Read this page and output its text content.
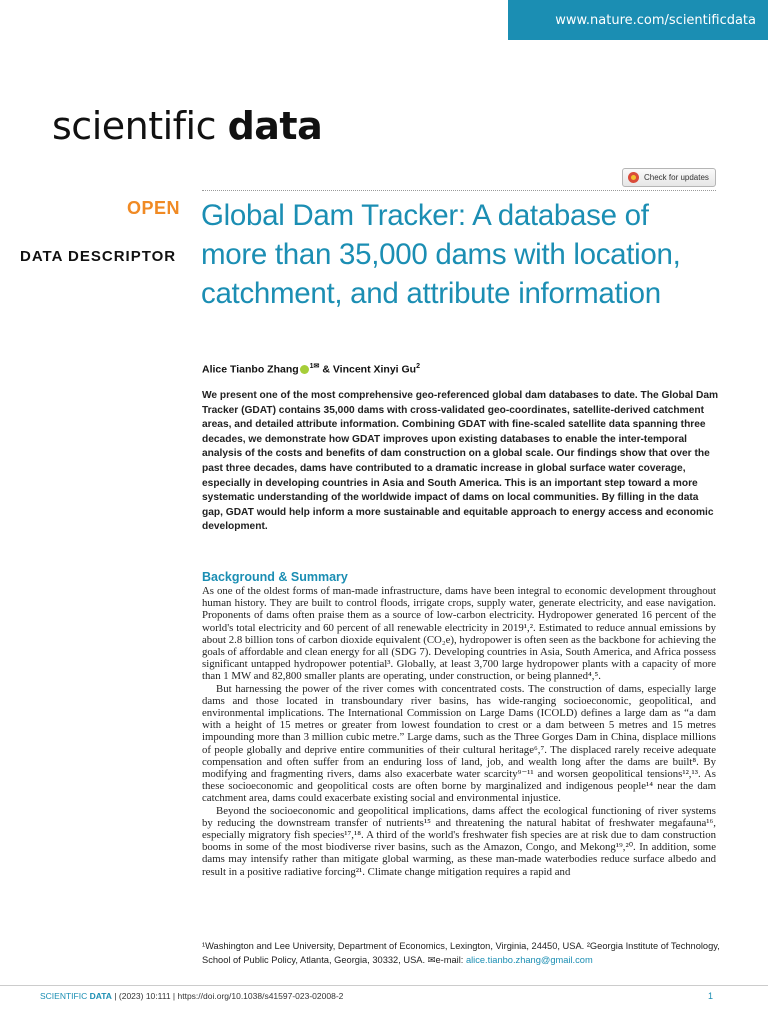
www.nature.com/scientificdata
scientific data
Check for updates
OPEN
DATA DESCRIPTOR
Global Dam Tracker: A database of more than 35,000 dams with location, catchment, and attribute information
Alice Tianbo Zhang $^{1✉}$ & Vincent Xinyi Gu$^2$

We present one of the most comprehensive geo-referenced global dam databases to date. The Global Dam Tracker (GDAT) contains 35,000 dams with cross-validated geo-coordinates, satellite-derived catchment areas, and detailed attribute information. Combining GDAT with fine-scaled satellite data spanning three decades, we demonstrate how GDAT improves upon existing databases to enable the inter-temporal analysis of the costs and benefits of dam construction on a global scale. Our findings show that over the past three decades, dams have contributed to a dramatic increase in global surface water coverage, especially in developing countries in Asia and South America. This is an important step toward a more systematic understanding of the worldwide impact of dams on local communities. By filling in the data gap, GDAT would help inform a more sustainable and equitable approach to energy access and economic development.

Background & Summary

As one of the oldest forms of man-made infrastructure, dams have been integral to economic development throughout human history. They are built to control floods, irrigate crops, supply water, generate electricity, and ease navigation. Proponents of dams often praise them as a source of low-carbon electricity. Hydropower generated 16 percent of the world's total electricity and 60 percent of all renewable electricity in 2019¹,². Estimated to reduce annual emissions by about 2.8 billion tons of carbon dioxide equivalent (CO₂e), hydropower is often seen as the backbone for achieving the goals of affordable and clean energy for all (SDG 7). Developing countries in Asia, South America, and Africa possess significant untapped hydropower potential³. Globally, at least 3,700 large hydropower plants with a capacity of more than 1 MW and 82,800 smaller plants are operating, under construction, or being planned⁴,⁵.

But harnessing the power of the river comes with concentrated costs. The construction of dams, especially large dams and those located in transboundary river basins, has wide-ranging socioeconomic, geopolitical, and environmental implications. The International Commission on Large Dams (ICOLD) defines a large dam as “a dam with a height of 15 metres or greater from lowest foundation to crest or a dam between 5 metres and 15 metres impounding more than 3 million cubic metre.” Large dams, such as the Three Gorges Dam in China, displace millions of people globally and deprive entire communities of their cultural heritage⁶,⁷. The displaced rarely receive adequate compensation and often suffer from an enduring loss of land, job, and wealth long after the dams are built⁸. By modifying and fragmenting rivers, dams also exacerbate water scarcity⁹⁻¹¹ and worsen geopolitical tensions¹²,¹³. As these socioeconomic and geopolitical costs are often borne by marginalized and indigenous people¹⁴ near the dam catchment area, dams could exacerbate existing social and environmental injustice.

Beyond the socioeconomic and geopolitical implications, dams affect the ecological functioning of river systems by reducing the downstream transfer of nutrients¹⁵ and threatening the natural habitat of freshwater megafauna¹⁶, especially migratory fish species¹⁷,¹⁸. A third of the world's freshwater fish species are at risk due to dam construction booms in some of the most biodiverse river basins, such as the Amazon, Congo, and Mekong¹⁹,²⁰. In addition, some dams may intensify rather than mitigate global warming, as these man-made waterbodies reduce surface albedo and result in a positive radiative forcing²¹. Climate change mitigation requires a rapid and

¹Washington and Lee University, Department of Economics, Lexington, Virginia, 24450, USA. ²Georgia Institute of Technology, School of Public Policy, Atlanta, Georgia, 30332, USA. ✉e-mail: alice.tianbo.zhang@gmail.com
SCIENTIFIC DATA | (2023) 10:111 | https://doi.org/10.1038/s41597-023-02008-2	1
